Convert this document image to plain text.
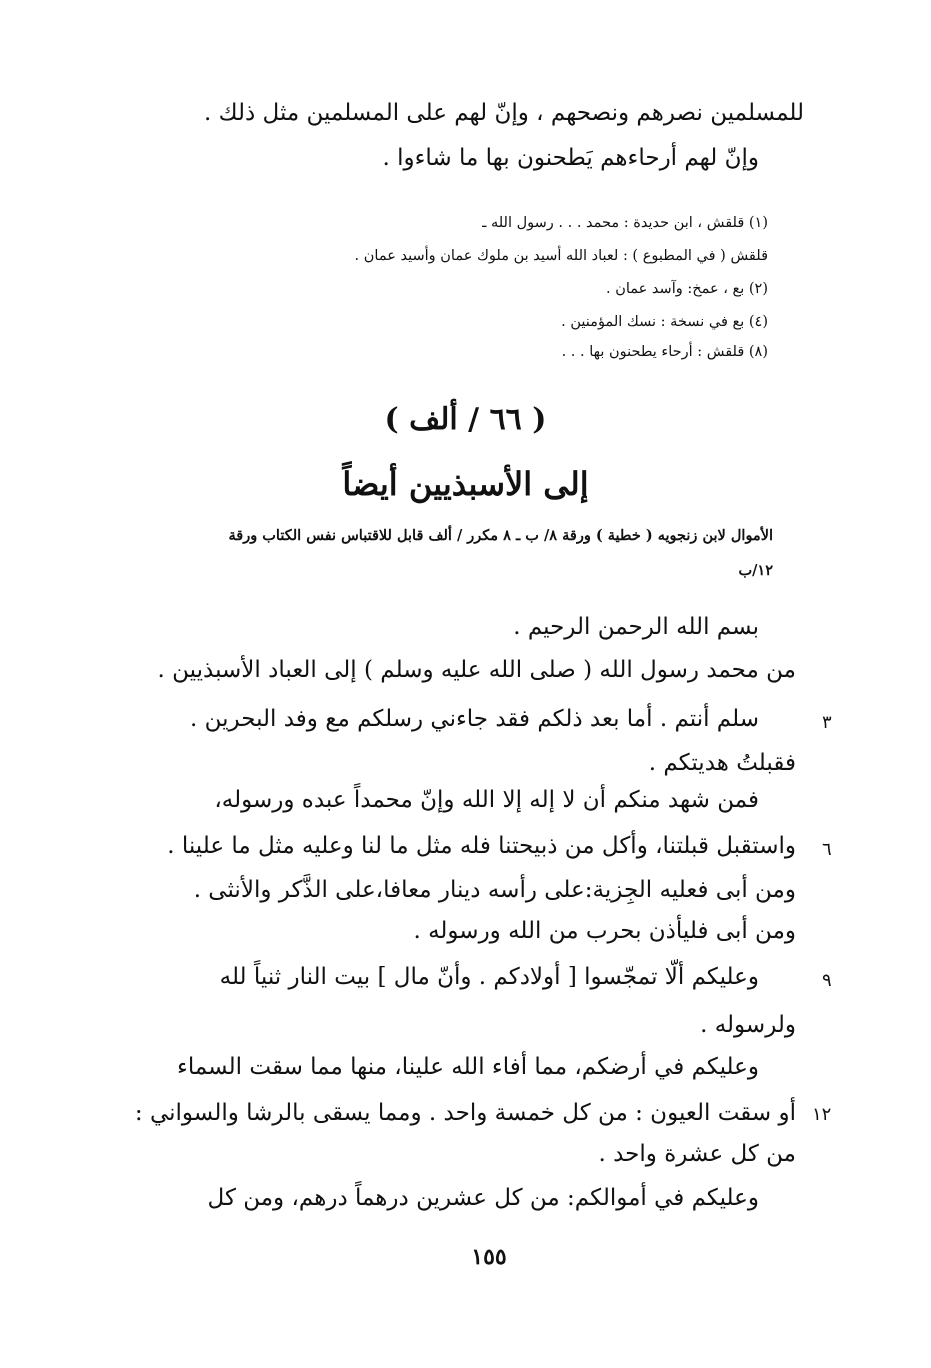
للمسلمين نصرهم ونصحهم ، وإنّ لهم على المسلمين مثل ذلك .
وإنّ لهم أرحاءهم يَطحنون بها ما شاءوا .
(١) قلقش ، ابن حديدة : محمد . . . رسول الله ـ
قلقش ( في المطبوع ) : لعباد الله أسيد بن ملوك عمان وأسيد عمان .
(٢) بع ، عمخ: وآسد عمان .
(٤) بع في نسخة : نسك المؤمنين .
(٨) قلقش : أرحاء يطحنون بها . . .
( ٦٦ / ألف )
إلى الأسبذيين أيضاً
الأموال لابن زنجويه ( خطية ) ورقة ٨/ ب ـ ٨ مكرر / ألف قابل للاقتباس نفس الكتاب ورقة
١٢/ب
بسم الله الرحمن الرحيم .
من محمد رسول الله ( صلى الله عليه وسلم ) إلى العباد الأسبذيين .
سلم أنتم . أما بعد ذلكم فقد جاءني رسلكم مع وفد البحرين .
فقبلتُ هديتكم .
فمن شهد منكم أن لا إله إلا الله وإنّ محمداً عبده ورسوله،
واستقبل قبلتنا، وأكل من ذبيحتنا فله مثل ما لنا وعليه مثل ما علينا .
ومن أبى فعليه الجِزية:على رأسه دينار معافا،على الذَّكر والأنثى .
ومن أبى فليأذن بحرب من الله ورسوله .
وعليكم ألّا تمجّسوا [ أولادكم . وأنّ مال ] بيت النار ثنياً لله
ولرسوله .
وعليكم في أرضكم، مما أفاء الله علينا، منها مما سقت السماء
أو سقت العيون : من كل خمسة واحد . ومما يسقى بالرشا والسواني :
من كل عشرة واحد .
وعليكم في أموالكم: من كل عشرين درهماً درهم، ومن كل
٣
٦
٩
١٢
١٥٥
